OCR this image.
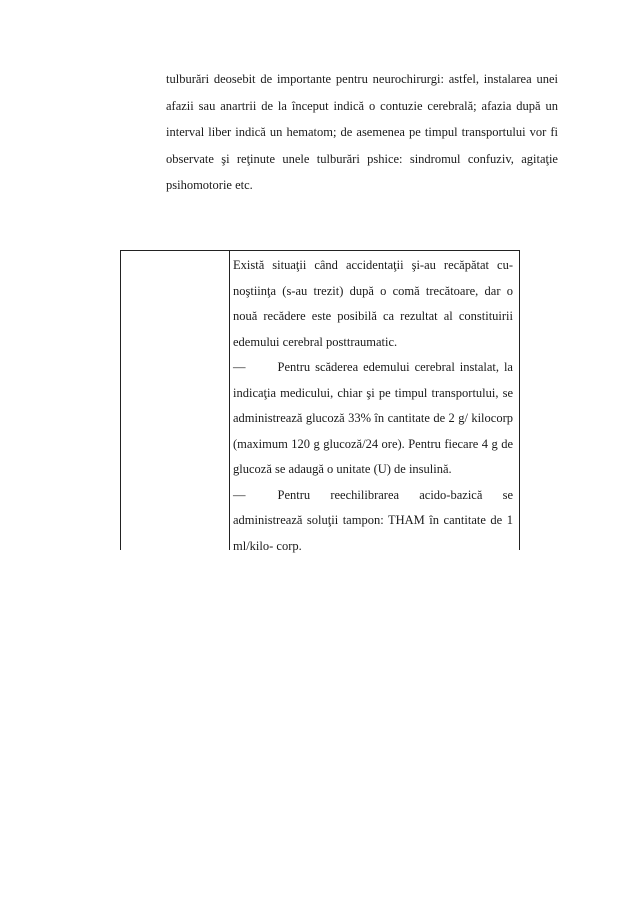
tulburări deosebit de importante pentru neurochirurgi: astfel, instalarea unei afazii sau anartrii de la început indică o contuzie cerebrală; afazia după un interval liber indică un hematom; de asemenea pe timpul transportului vor fi observate şi reţinute unele tulburări pshice: sindromul confuziv, agitaţie psihomotorie etc.

Există situaţii când accidentaţii şi-au recăpătat cu-noştiinţa (s-au trezit) după o comă trecătoare, dar o nouă recădere este posibilă ca rezultat al constituirii edemului cerebral posttraumatic.

—	Pentru scăderea edemului cerebral instalat, la indicaţia medicului, chiar şi pe timpul transportului, se administrează glucoză 33% în cantitate de 2 g/ kilocorp (maximum 120 g glucoză/24 ore). Pentru fiecare 4 g de glucoză se adaugă o unitate (U) de insulină.

—	Pentru reechilibrarea acido-bazică se administrează soluţii tampon: THAM în cantitate de 1 ml/kilo- corp.
